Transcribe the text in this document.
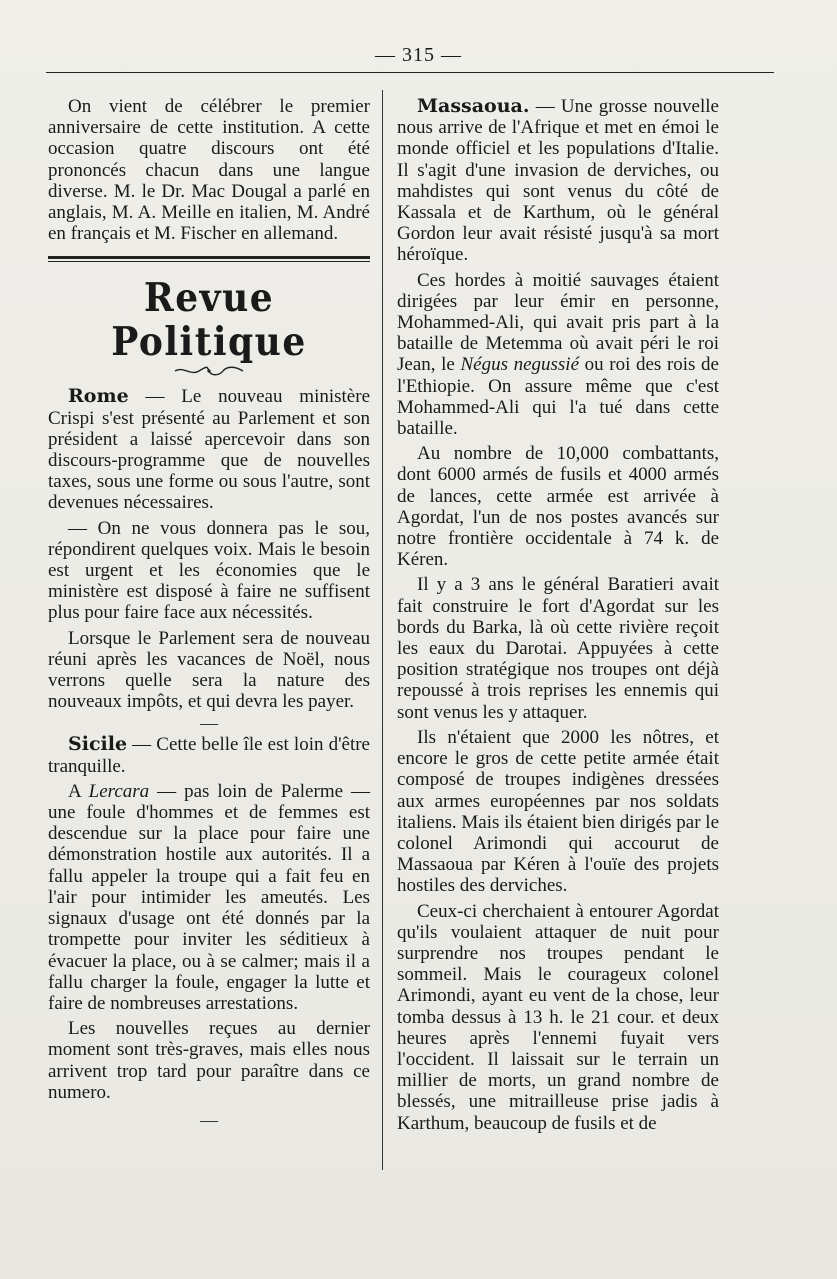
— 315 —

On vient de célébrer le premier anniversaire de cette institution. A cette occasion quatre discours ont été prononcés chacun dans une langue diverse. M. le Dr. Mac Dougal a parlé en anglais, M. A. Meille en italien, M. André en français et M. Fischer en allemand.

Revue Politique

Rome — Le nouveau ministère Crispi s'est présenté au Parlement et son président a laissé apercevoir dans son discours-programme que de nouvelles taxes, sous une forme ou sous l'autre, sont devenues nécessaires.

— On ne vous donnera pas le sou, répondirent quelques voix. Mais le besoin est urgent et les économies que le ministère est disposé à faire ne suffisent plus pour faire face aux nécessités.

Lorsque le Parlement sera de nouveau réuni après les vacances de Noël, nous verrons quelle sera la nature des nouveaux impôts, et qui devra les payer.

—

Sicile — Cette belle île est loin d'être tranquille.

A Lercara — pas loin de Palerme — une foule d'hommes et de femmes est descendue sur la place pour faire une démonstration hostile aux autorités. Il a fallu appeler la troupe qui a fait feu en l'air pour intimider les ameutés. Les signaux d'usage ont été donnés par la trompette pour inviter les séditieux à évacuer la place, ou à se calmer; mais il a fallu charger la foule, engager la lutte et faire de nombreuses arrestations.

Les nouvelles reçues au dernier moment sont très-graves, mais elles nous arrivent trop tard pour paraître dans ce numero.

—

Massaoua. — Une grosse nouvelle nous arrive de l'Afrique et met en émoi le monde officiel et les populations d'Italie. Il s'agit d'une invasion de derviches, ou mahdistes qui sont venus du côté de Kassala et de Karthum, où le général Gordon leur avait résisté jusqu'à sa mort héroïque.

Ces hordes à moitié sauvages étaient dirigées par leur émir en personne, Mohammed-Ali, qui avait pris part à la bataille de Metemma où avait péri le roi Jean, le Négus negussié ou roi des rois de l'Ethiopie. On assure même que c'est Mohammed-Ali qui l'a tué dans cette bataille.

Au nombre de 10,000 combattants, dont 6000 armés de fusils et 4000 armés de lances, cette armée est arrivée à Agordat, l'un de nos postes avancés sur notre frontière occidentale à 74 k. de Kéren.

Il y a 3 ans le général Baratieri avait fait construire le fort d'Agordat sur les bords du Barka, là où cette rivière reçoit les eaux du Darotai. Appuyées à cette position stratégique nos troupes ont déjà repoussé à trois reprises les ennemis qui sont venus les y attaquer.

Ils n'étaient que 2000 les nôtres, et encore le gros de cette petite armée était composé de troupes indigènes dressées aux armes européennes par nos soldats italiens. Mais ils étaient bien dirigés par le colonel Arimondi qui accourut de Massaoua par Kéren à l'ouïe des projets hostiles des derviches.

Ceux-ci cherchaient à entourer Agordat qu'ils voulaient attaquer de nuit pour surprendre nos troupes pendant le sommeil. Mais le courageux colonel Arimondi, ayant eu vent de la chose, leur tomba dessus à 13 h. le 21 cour. et deux heures après l'ennemi fuyait vers l'occident. Il laissait sur le terrain un millier de morts, un grand nombre de blessés, une mitrailleuse prise jadis à Karthum, beaucoup de fusils et de
